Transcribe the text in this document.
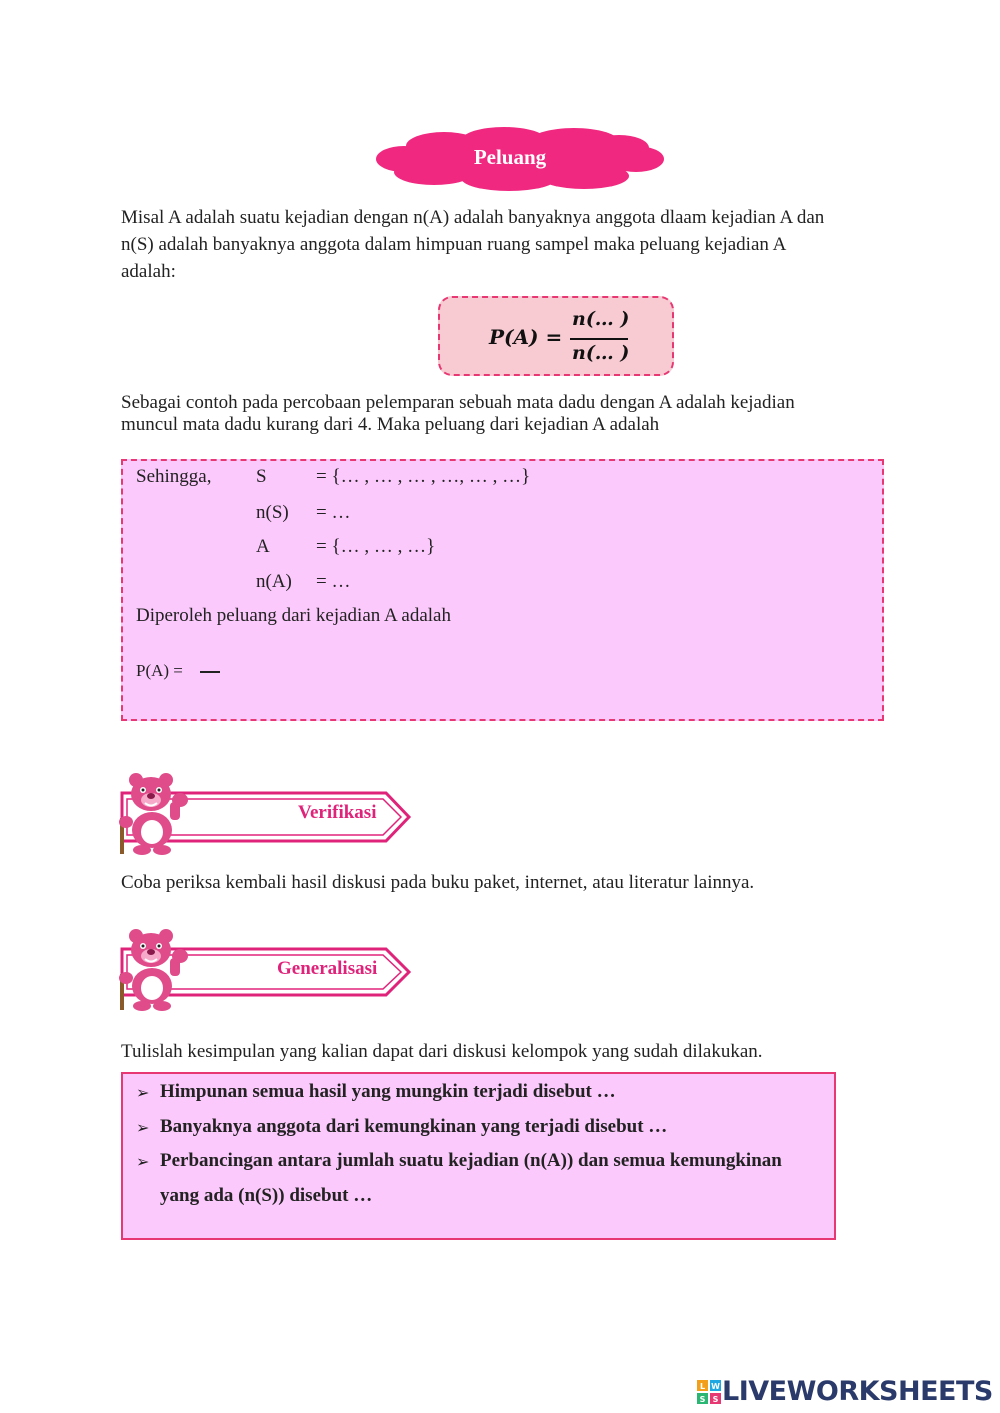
Peluang
Misal A adalah suatu kejadian dengan n(A) adalah banyaknya anggota dlaam kejadian A dan
n(S) adalah banyaknya anggota dalam himpuan ruang sampel maka peluang kejadian A
adalah:
P(A) =
n(… )
n(… )
Sebagai contoh pada percobaan pelemparan sebuah mata dadu dengan A adalah kejadian
muncul mata dadu kurang dari 4. Maka peluang dari kejadian A adalah
Sehingga, S	= {… , … , … , …, … , …}
n(S) = …
A = {… , … , …}
n(A) = …
Diperoleh peluang dari kejadian A adalah
P(A) =
Verifikasi
Coba periksa kembali hasil diskusi pada buku paket, internet, atau literatur lainnya.
Generalisasi
Tulislah kesimpulan yang kalian dapat dari diskusi kelompok yang sudah dilakukan.
➢ Himpunan semua hasil yang mungkin terjadi disebut …
➢ Banyaknya anggota dari kemungkinan yang terjadi disebut …
➢ Perbancingan antara jumlah suatu kejadian (n(A)) dan semua kemungkinan
yang ada (n(S)) disebut …
L W
S S LIVEWORKSHEETS
